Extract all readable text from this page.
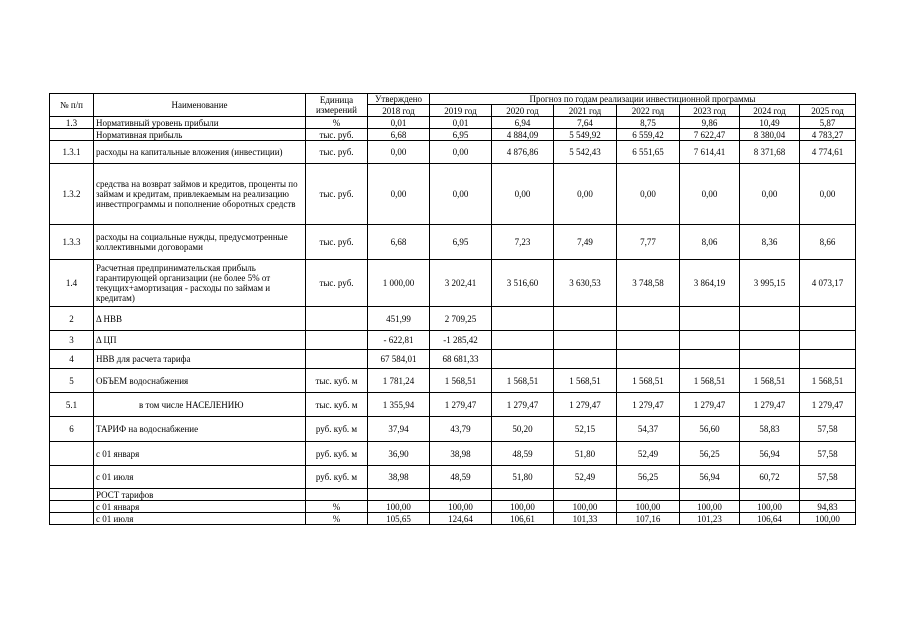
№ п/п	Наименование	Единица измерений	Утверждено	Прогноз по годам реализации инвестиционной программы						
			2018 год	2019 год	2020 год	2021 год	2022 год	2023 год	2024 год	2025 год
1.3	Нормативный уровень прибыли	%	0,01	0,01	6,94	7,64	8,75	9,86	10,49	5,87
	Нормативная прибыль	тыс. руб.	6,68	6,95	4 884,09	5 549,92	6 559,42	7 622,47	8 380,04	4 783,27
1.3.1	расходы на капитальные вложения (инвестиции)	тыс. руб.	0,00	0,00	4 876,86	5 542,43	6 551,65	7 614,41	8 371,68	4 774,61
1.3.2	средства на возврат займов и кредитов, проценты по займам и кредитам, привлекаемым на реализацию инвестпрограммы и пополнение оборотных средств	тыс. руб.	0,00	0,00	0,00	0,00	0,00	0,00	0,00	0,00
1.3.3	расходы на социальные нужды, предусмотренные коллективными договорами	тыс. руб.	6,68	6,95	7,23	7,49	7,77	8,06	8,36	8,66
1.4	Расчетная предпринимательская прибыль гарантирующей организации (не более 5% от текущих+амортизация - расходы по займам и кредитам)	тыс. руб.	1 000,00	3 202,41	3 516,60	3 630,53	3 748,58	3 864,19	3 995,15	4 073,17
2	Δ НВВ		451,99	2 709,25						
3	Δ ЦП		- 622,81	-1 285,42						
4	НВВ для расчета тарифа		67 584,01	68 681,33						
5	ОБЪЕМ водоснабжения	тыс. куб. м	1 781,24	1 568,51	1 568,51	1 568,51	1 568,51	1 568,51	1 568,51	1 568,51
5.1	в том числе НАСЕЛЕНИЮ	тыс. куб. м	1 355,94	1 279,47	1 279,47	1 279,47	1 279,47	1 279,47	1 279,47	1 279,47
6	ТАРИФ на водоснабжение	руб. куб. м	37,94	43,79	50,20	52,15	54,37	56,60	58,83	57,58
	с 01 января	руб. куб. м	36,90	38,98	48,59	51,80	52,49	56,25	56,94	57,58
	с 01 июля	руб. куб. м	38,98	48,59	51,80	52,49	56,25	56,94	60,72	57,58
	РОСТ тарифов									
	с 01 января	%	100,00	100,00	100,00	100,00	100,00	100,00	100,00	94,83
	с 01 июля	%	105,65	124,64	106,61	101,33	107,16	101,23	106,64	100,00
